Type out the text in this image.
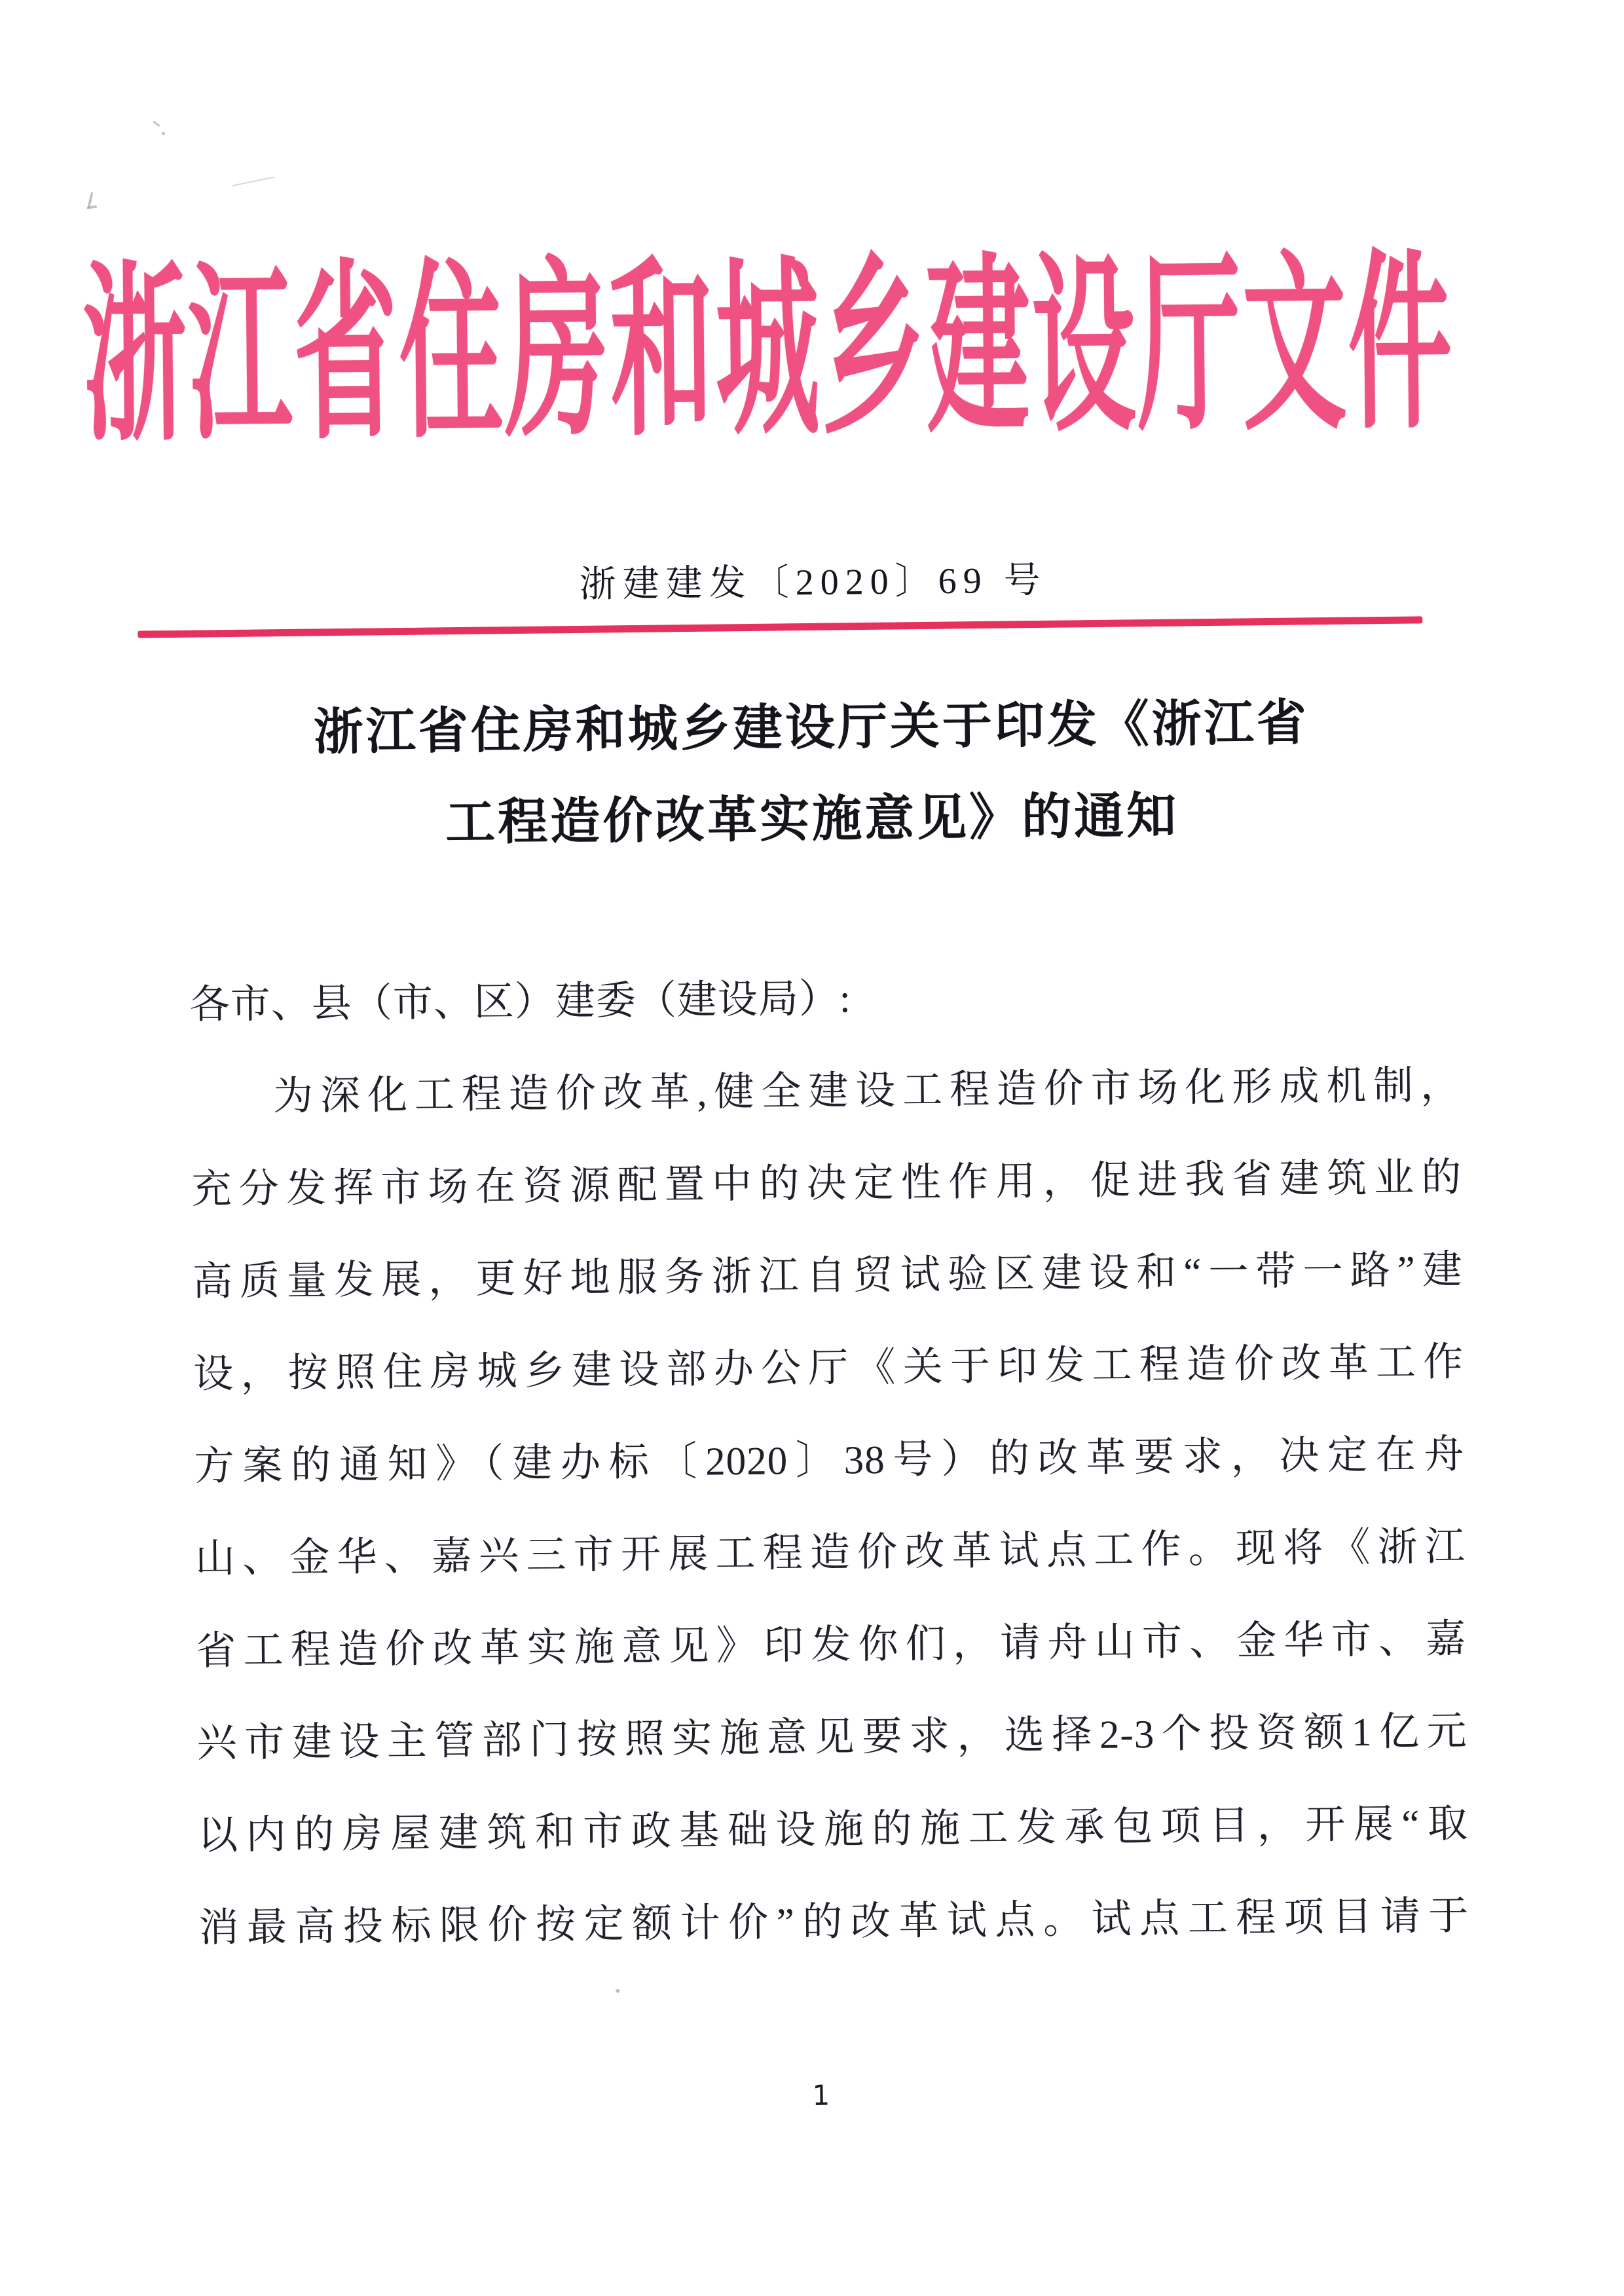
浙江省住房和城乡建设厅文件
浙建建发〔2020〕69 号
浙江省住房和城乡建设厅关于印发《浙江省
工程造价改革实施意见》的通知
各市、县（市、区）建委（建设局）:
为深化工程造价改革,健全建设工程造价市场化形成机制，
充分发挥市场在资源配置中的决定性作用，促进我省建筑业的
高质量发展，更好地服务浙江自贸试验区建设和“一带一路”建
设，按照住房城乡建设部办公厅《关于印发工程造价改革工作
方案的通知》（建办标〔2020〕38号）的改革要求，决定在舟
山、金华、嘉兴三市开展工程造价改革试点工作。现将《浙江
省工程造价改革实施意见》印发你们，请舟山市、金华市、嘉
兴市建设主管部门按照实施意见要求，选择2-3个投资额1亿元
以内的房屋建筑和市政基础设施的施工发承包项目，开展“取
消最高投标限价按定额计价”的改革试点。试点工程项目请于
1
